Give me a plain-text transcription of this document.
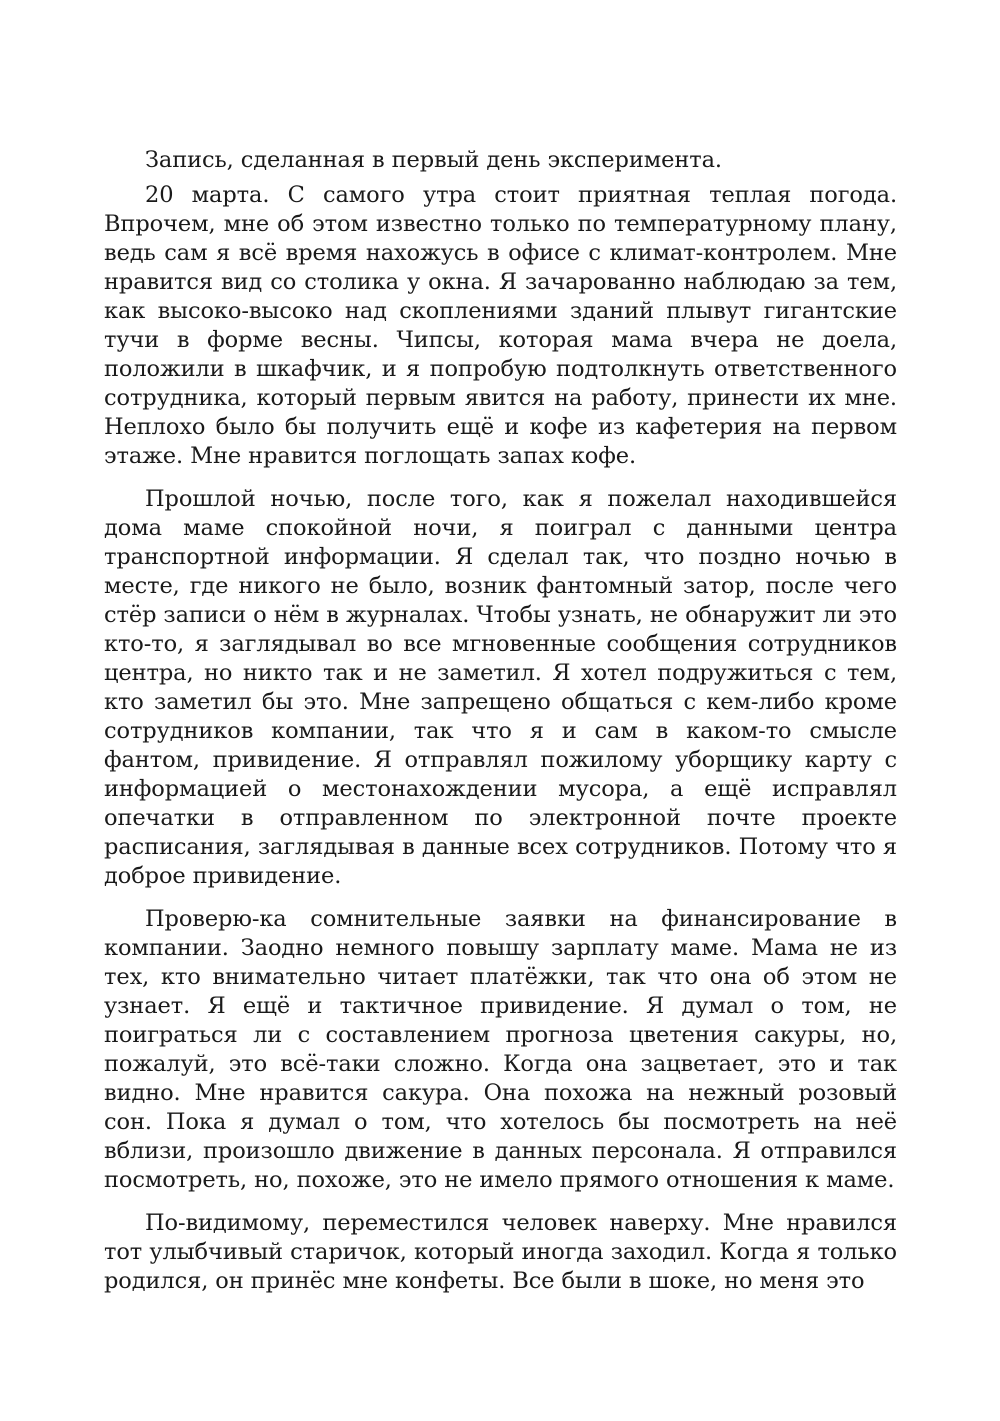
Запись, сделанная в первый день эксперимента.

20 марта. С самого утра стоит приятная теплая погода. Впрочем, мне об этом известно только по температурному плану, ведь сам я всё время нахожусь в офисе с климат-контролем. Мне нравится вид со столика у окна. Я зачарованно наблюдаю за тем, как высоко-высоко над скоплениями зданий плывут гигантские тучи в форме весны. Чипсы, которая мама вчера не доела, положили в шкафчик, и я попробую подтолкнуть ответственного сотрудника, который первым явится на работу, принести их мне. Неплохо было бы получить ещё и кофе из кафетерия на первом этаже. Мне нравится поглощать запах кофе.

Прошлой ночью, после того, как я пожелал находившейся дома маме спокойной ночи, я поиграл с данными центра транспортной информации. Я сделал так, что поздно ночью в месте, где никого не было, возник фантомный затор, после чего стёр записи о нём в журналах. Чтобы узнать, не обнаружит ли это кто-то, я заглядывал во все мгновенные сообщения сотрудников центра, но никто так и не заметил. Я хотел подружиться с тем, кто заметил бы это. Мне запрещено общаться с кем-либо кроме сотрудников компании, так что я и сам в каком-то смысле фантом, привидение. Я отправлял пожилому уборщику карту с информацией о местонахождении мусора, а ещё исправлял опечатки в отправленном по электронной почте проекте расписания, заглядывая в данные всех сотрудников. Потому что я доброе привидение.

Проверю-ка сомнительные заявки на финансирование в компании. Заодно немного повышу зарплату маме. Мама не из тех, кто внимательно читает платёжки, так что она об этом не узнает. Я ещё и тактичное привидение. Я думал о том, не поиграться ли с составлением прогноза цветения сакуры, но, пожалуй, это всё-таки сложно. Когда она зацветает, это и так видно. Мне нравится сакура. Она похожа на нежный розовый сон. Пока я думал о том, что хотелось бы посмотреть на неё вблизи, произошло движение в данных персонала. Я отправился посмотреть, но, похоже, это не имело прямого отношения к маме.

По-видимому, переместился человек наверху. Мне нравился тот улыбчивый старичок, который иногда заходил. Когда я только родился, он принёс мне конфеты. Все были в шоке, но меня это
